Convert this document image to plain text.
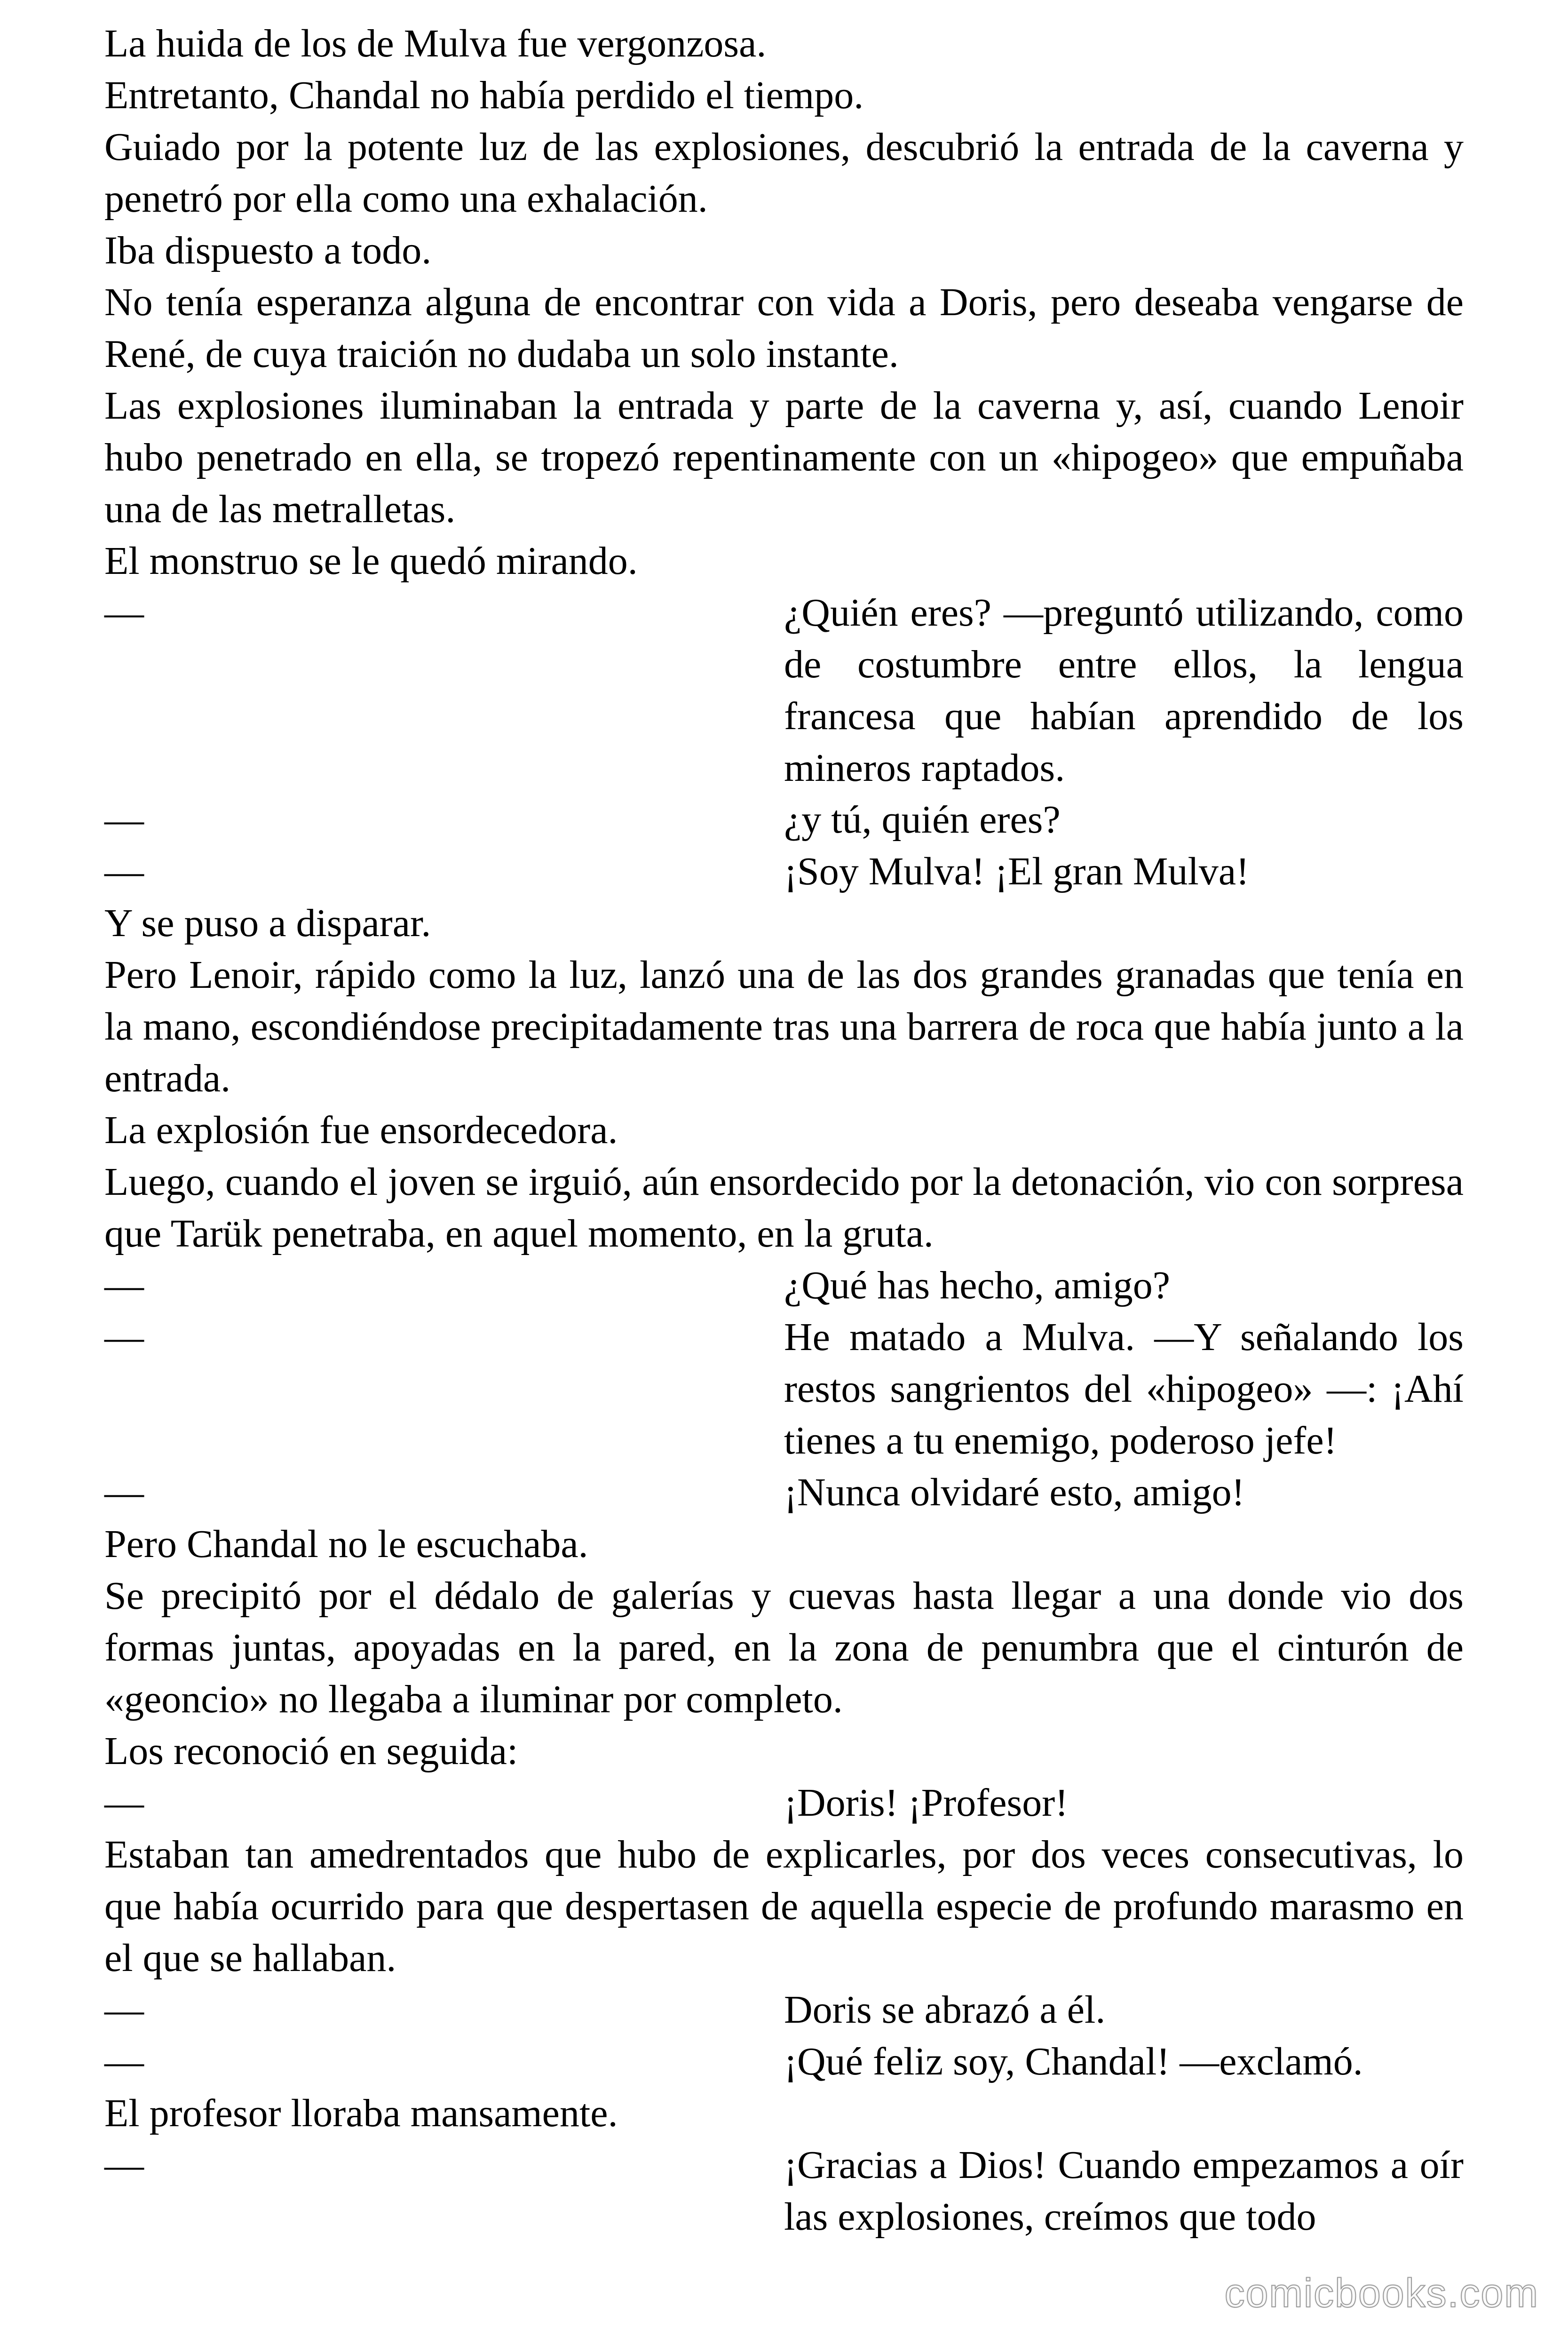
La huida de los de Mulva fue vergonzosa.

Entretanto, Chandal no había perdido el tiempo.

Guiado por la potente luz de las explosiones, descubrió la entrada de la caverna y penetró por ella como una exhalación.

Iba dispuesto a todo.

No tenía esperanza alguna de encontrar con vida a Doris, pero deseaba vengarse de René, de cuya traición no dudaba un solo instante.

Las explosiones iluminaban la entrada y parte de la caverna y, así, cuando Lenoir hubo penetrado en ella, se tropezó repentinamente con un «hipogeo» que empuñaba una de las metralletas.

El monstruo se le quedó mirando.

—	¿Quién eres? —preguntó utilizando, como de costumbre entre ellos, la lengua francesa que habían aprendido de los mineros raptados.
—	¿y tú, quién eres?
—	¡Soy Mulva! ¡El gran Mulva!

Y se puso a disparar.

Pero Lenoir, rápido como la luz, lanzó una de las dos grandes granadas que tenía en la mano, escondiéndose precipitadamente tras una barrera de roca que había junto a la entrada.

La explosión fue ensordecedora.

Luego, cuando el joven se irguió, aún ensordecido por la detonación, vio con sorpresa que Tarük penetraba, en aquel momento, en la gruta.

—	¿Qué has hecho, amigo?
—	He matado a Mulva. —Y señalando los restos sangrientos del «hipogeo» —: ¡Ahí tienes a tu enemigo, poderoso jefe!
—	¡Nunca olvidaré esto, amigo!

Pero Chandal no le escuchaba.

Se precipitó por el dédalo de galerías y cuevas hasta llegar a una donde vio dos formas juntas, apoyadas en la pared, en la zona de penumbra que el cinturón de «geoncio» no llegaba a iluminar por completo.

Los reconoció en seguida:

—	¡Doris! ¡Profesor!

Estaban tan amedrentados que hubo de explicarles, por dos veces consecutivas, lo que había ocurrido para que despertasen de aquella especie de profundo marasmo en el que se hallaban.

—	Doris se abrazó a él.
—	¡Qué feliz soy, Chandal! —exclamó.

El profesor lloraba mansamente.

—	¡Gracias a Dios! Cuando empezamos a oír las explosiones, creímos que todo
comicbooks.com
